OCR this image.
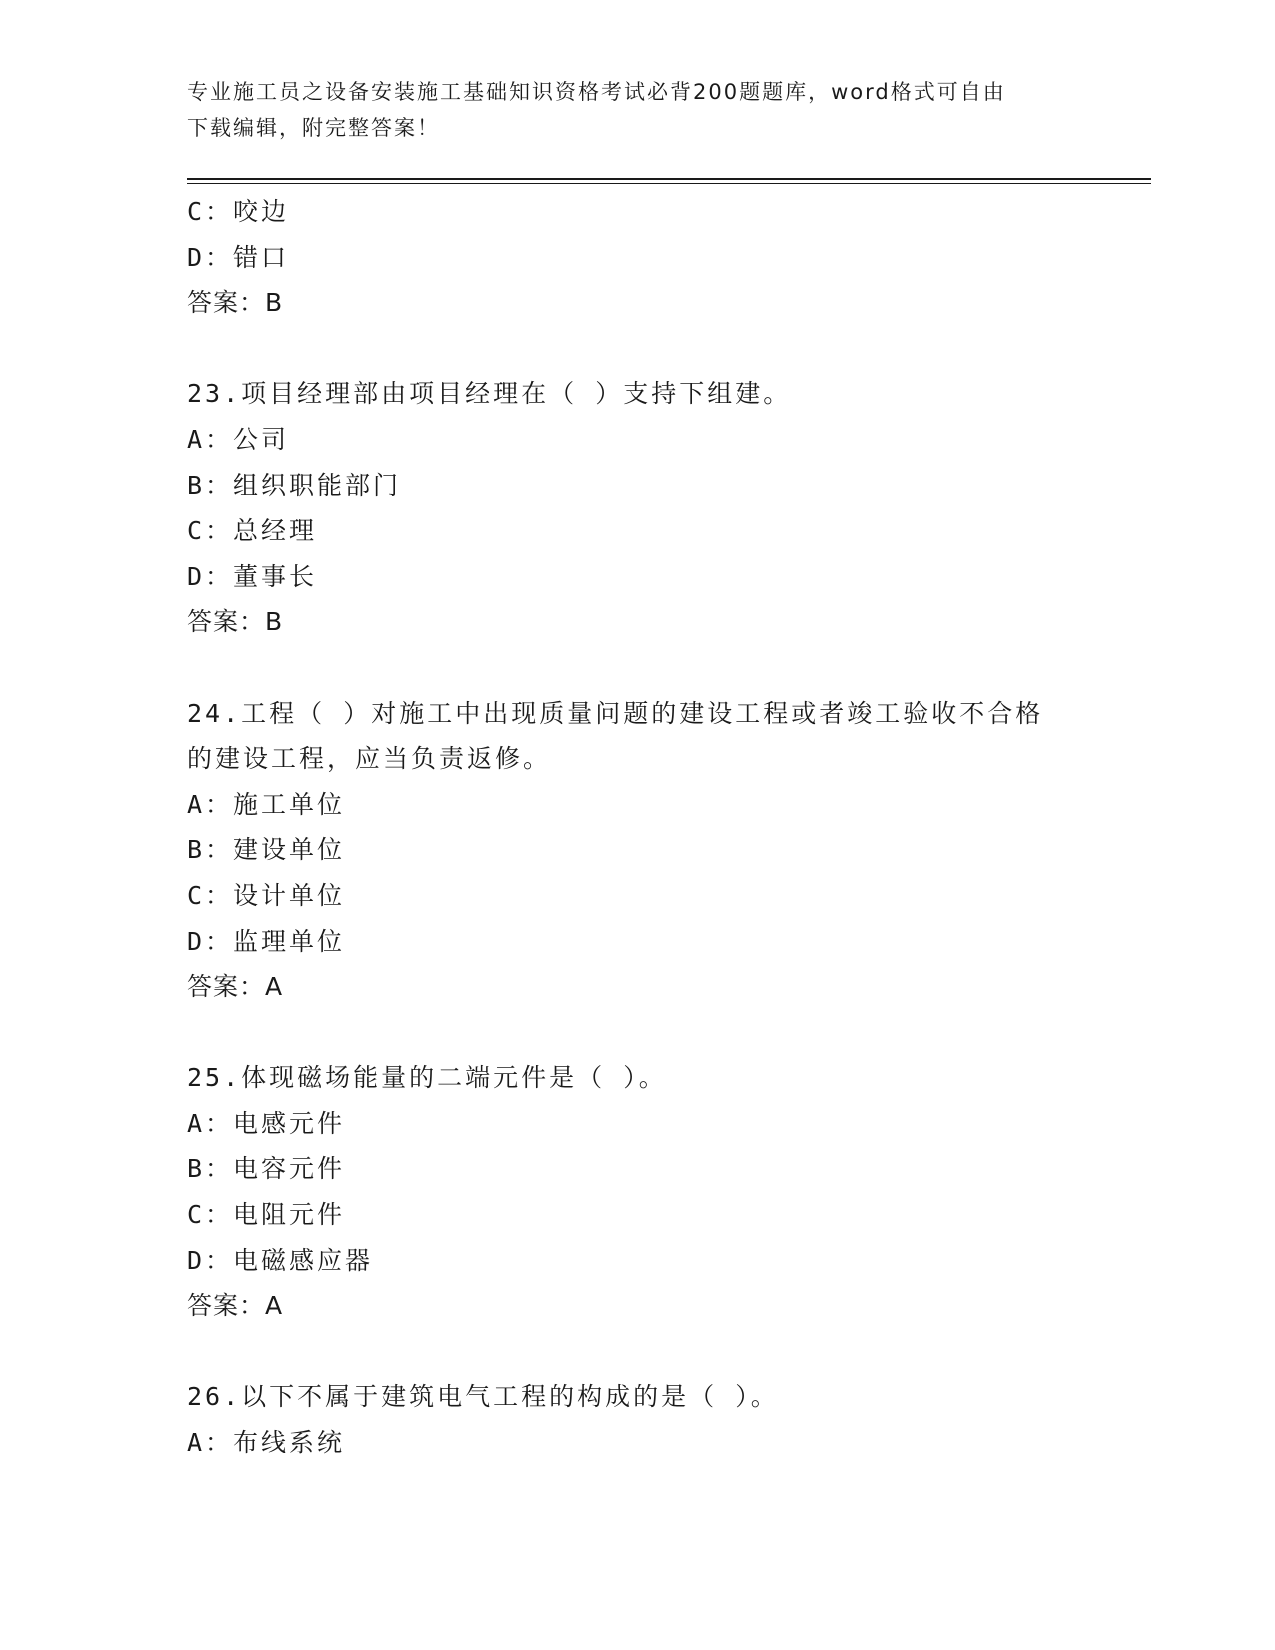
专业施工员之设备安装施工基础知识资格考试必背200题题库，word格式可自由
下载编辑，附完整答案！
C：咬边
D：错口
答案：B
23.项目经理部由项目经理在（ ）支持下组建。
A：公司
B：组织职能部门
C：总经理
D：董事长
答案：B
24.工程（ ）对施工中出现质量问题的建设工程或者竣工验收不合格
的建设工程，应当负责返修。
A：施工单位
B：建设单位
C：设计单位
D：监理单位
答案：A
25.体现磁场能量的二端元件是（ ）。
A：电感元件
B：电容元件
C：电阻元件
D：电磁感应器
答案：A
26.以下不属于建筑电气工程的构成的是（ ）。
A：布线系统
